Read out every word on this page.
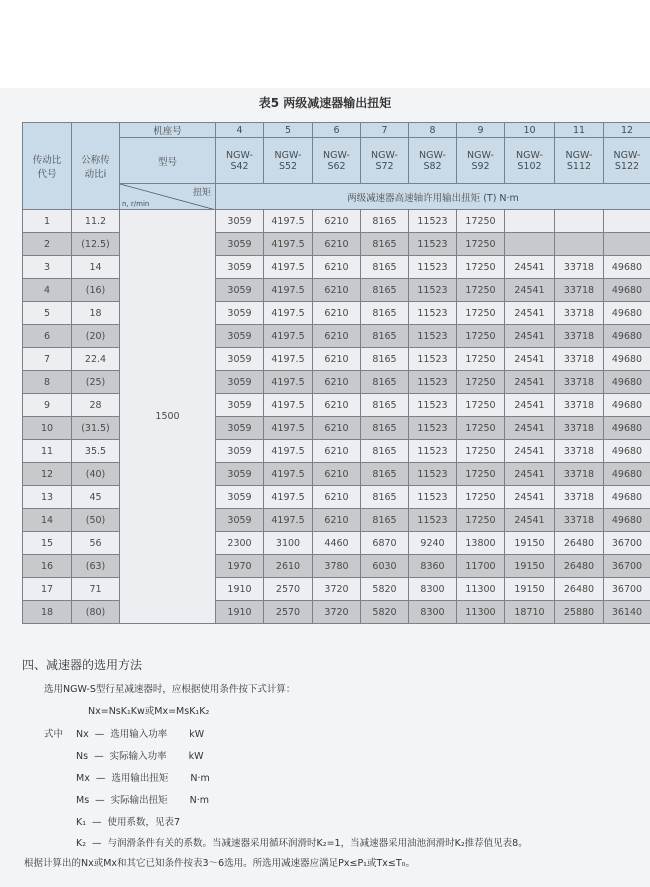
表5 两级减速器输出扭矩
传动比代号	公称传动比i	机座号	4	5	6	7	8	9	10	11	12
		型号	NGW-S42	NGW-S52	NGW-S62	NGW-S72	NGW-S82	NGW-S92	NGW-S102	NGW-S112	NGW-S122

		扭矩
n, r/min	两级减速器高速轴许用输出扭矩 (T) N·m								
1	11.2	1500	3059	4197.5	6210	8165	11523	17250			
2	(12.5)		3059	4197.5	6210	8165	11523	17250			
3	14		3059	4197.5	6210	8165	11523	17250	24541	33718	49680
4	(16)		3059	4197.5	6210	8165	11523	17250	24541	33718	49680
5	18		3059	4197.5	6210	8165	11523	17250	24541	33718	49680
6	(20)		3059	4197.5	6210	8165	11523	17250	24541	33718	49680
7	22.4		3059	4197.5	6210	8165	11523	17250	24541	33718	49680
8	(25)		3059	4197.5	6210	8165	11523	17250	24541	33718	49680
9	28		3059	4197.5	6210	8165	11523	17250	24541	33718	49680
10	(31.5)		3059	4197.5	6210	8165	11523	17250	24541	33718	49680
11	35.5		3059	4197.5	6210	8165	11523	17250	24541	33718	49680
12	(40)		3059	4197.5	6210	8165	11523	17250	24541	33718	49680
13	45		3059	4197.5	6210	8165	11523	17250	24541	33718	49680
14	(50)		3059	4197.5	6210	8165	11523	17250	24541	33718	49680
15	56		2300	3100	4460	6870	9240	13800	19150	26480	36700
16	(63)		1970	2610	3780	6030	8360	11700	19150	26480	36700
17	71		1910	2570	3720	5820	8300	11300	19150	26480	36700
18	(80)		1910	2570	3720	5820	8300	11300	18710	25880	36140
四、减速器的选用方法
选用NGW-S型行星减速器时，应根据使用条件按下式计算：
Nx=NsK₁Kw或Mx=MsK₁K₂
式中 Nx — 选用输入功率 kW
Ns — 实际输入功率 kW
Mx — 选用输出扭矩 N·m
Ms — 实际输出扭矩 N·m
K₁ — 使用系数，见表7
K₂ — 与润滑条件有关的系数。当减速器采用循环润滑时K₂=1，当减速器采用油池润滑时K₂推荐值见表8。
根据计算出的Nx或Mx和其它已知条件按表3～6选用。所选用减速器应满足Px≤P₁或Tx≤T₀。
